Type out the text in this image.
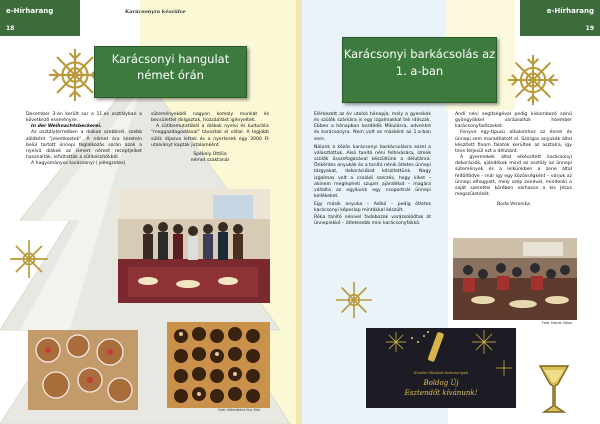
e-Hírharang
18
e-Hírharang
19
Karácsonyra készülve
Karácsonyi hangulat német órán
Karácsonyi barkácsolás az 1. a-ban

December 3-án került sor a 11.es osztályban a következő eseményre:

In der Weihnachtsbeckerei.

Az osztálytermében a diákok szebbnél, szebb zöldként "jelentkeztek". A német óra keretein belül tartott ünnepi foglalkozás során azok a nyelvű diákok az ismert német receptjeiket használták, lefuttatták a sütikészítőkből.

A hagyományos karácsonyi ( jellegzetes)

süteményekből nagyon komoly munkát és becsülettel dolgoztak, hozzáállást igényeltek.

A sütibemutatóból a diákok nyelvi és kulturális "meggazdagodással" távoztak el céllal. A legjobb sütik díjazva lettek és a nyertesek egy 3000 Ft utalványt kaptak jutalomként.

Spékely Ottília

német szaktanár

Fotó: Höllmáténé Kiss Rita

Elérkezett az év utolsó hónapja, mely a gyerekek és szülők számára is egy izgalmakkal teli időszak. Ebben a hónapban kezdődik Mikulásra, adventre és karácsonyra. Nem volt ez másként az 1.a-ban sem.

Nálunk a közös karácsonyi barkácsolásra ezzel a választottuk. Alsó tanító néni felhívására, izmok szülők összefogásával készültünk a délutánra. Önkéntes anyukák és a tanító nénik ötletes ünnepi tárgyakat, dekorációkat készítettünk. Nagy izgalmas volt a családi szerzés, hogy kiket – akinem meglepheti szuper ajándékot – magára vállalta az egyikunk egy csoportnál ünnepi kellékeket.

Egy másik anyuka – Adikó – pedig ötletes karácsonyi képeslap mintákkal készült.

Réka tanító nénivel fadobozok varázsolódtak át ünnepiekké – ötletesebb mini karácsonyfákká.

Andi néni segítségével pedig kislombozó szinű gyöngyökkel varázsoltuk hóember karácsonyfadíszeket.

Fenyve egy-típusú alkalomhoz az énnel és ünnepi sem maradhatott el. Szorgos anyukák által készített finom falatok kerültek az asztalra, így teve teljesül ezt a délutánt.

A gyermekek által elkészített karácsonyi dekorációk, ajándékok mind az osztály az ünnepi sütemények és a lelkünkben a zene által feltöltődve – már így egy közösségként – várjuk az ünnepi elhagyott, mely szép zenével, mindenki a saját szerettei körében várhassa a kis Jézus megszületését.

Boda Veronika

Fotó: Molnár Gábor
Kreatív Oktatási Intézmények
Boldog Új
Esztendőt kívánunk!
